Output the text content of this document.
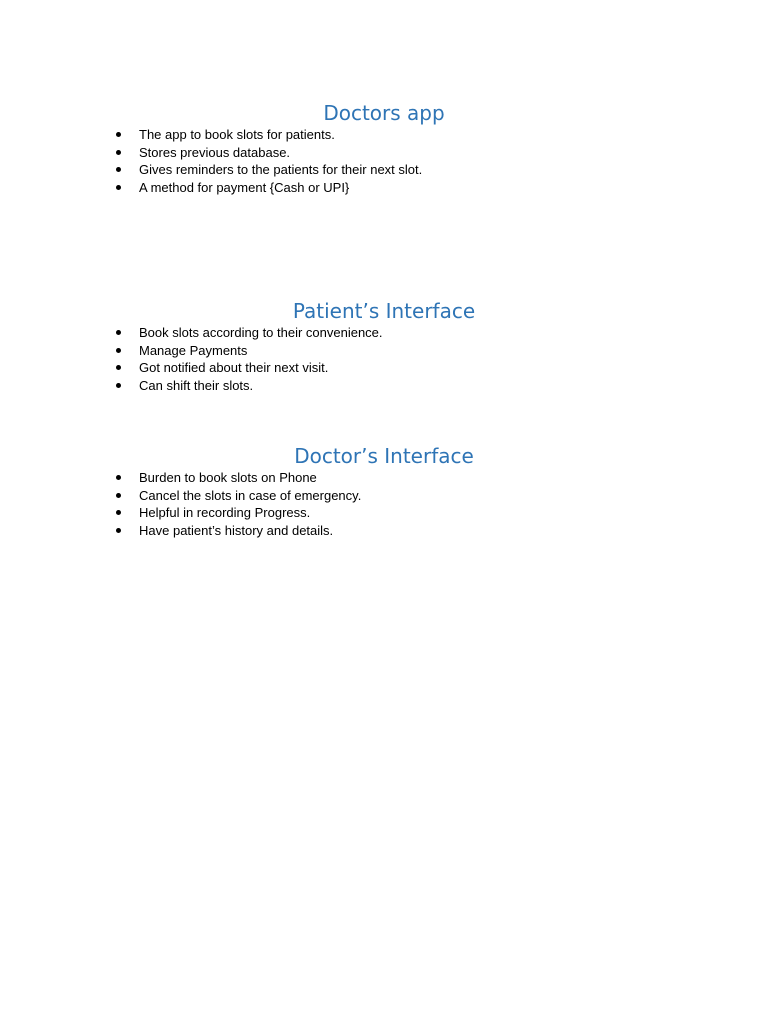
Doctors app
The app to book slots for patients.
Stores previous database.
Gives reminders to the patients for their next slot.
A method for payment {Cash or UPI}
Patient’s Interface
Book slots according to their convenience.
Manage Payments
Got notified about their next visit.
Can shift their slots.
Doctor’s Interface
Burden to book slots on Phone
Cancel the slots in case of emergency.
Helpful in recording Progress.
Have patient’s history and details.
